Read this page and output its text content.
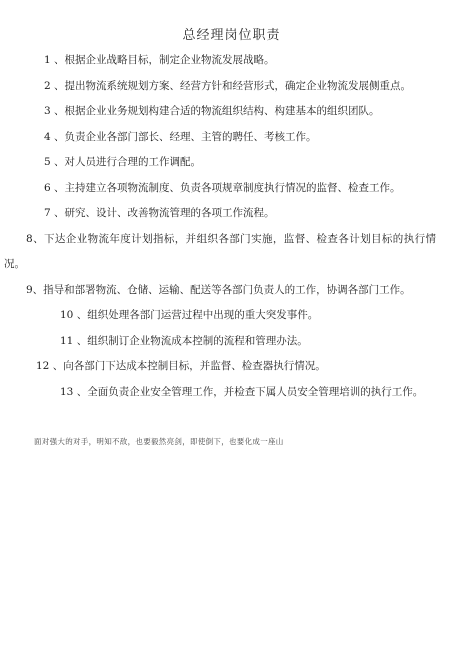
总经理岗位职责
1 、根据企业战略目标，制定企业物流发展战略。
2 、提出物流系统规划方案、经营方针和经营形式，确定企业物流发展侧重点。
3 、根据企业业务规划构建合适的物流组织结构、构建基本的组织团队。
4 、负责企业各部门部长、经理、主管的聘任、考核工作。
5 、对人员进行合理的工作调配。
6 、主持建立各项物流制度、负责各项规章制度执行情况的监督、检查工作。
7 、研究、设计、改善物流管理的各项工作流程。
8、下达企业物流年度计划指标，并组织各部门实施，监督、检查各计划目标的执行情况。
9、指导和部署物流、仓储、运输、配送等各部门负责人的工作，协调各部门工作。
10 、组织处理各部门运营过程中出现的重大突发事件。
11 、组织制订企业物流成本控制的流程和管理办法。
12 、向各部门下达成本控制目标，并监督、检查器执行情况。
13 、全面负责企业安全管理工作，并检查下属人员安全管理培训的执行工作。
面对强大的对手，明知不敌，也要毅然亮剑，即使倒下，也要化成一座山
